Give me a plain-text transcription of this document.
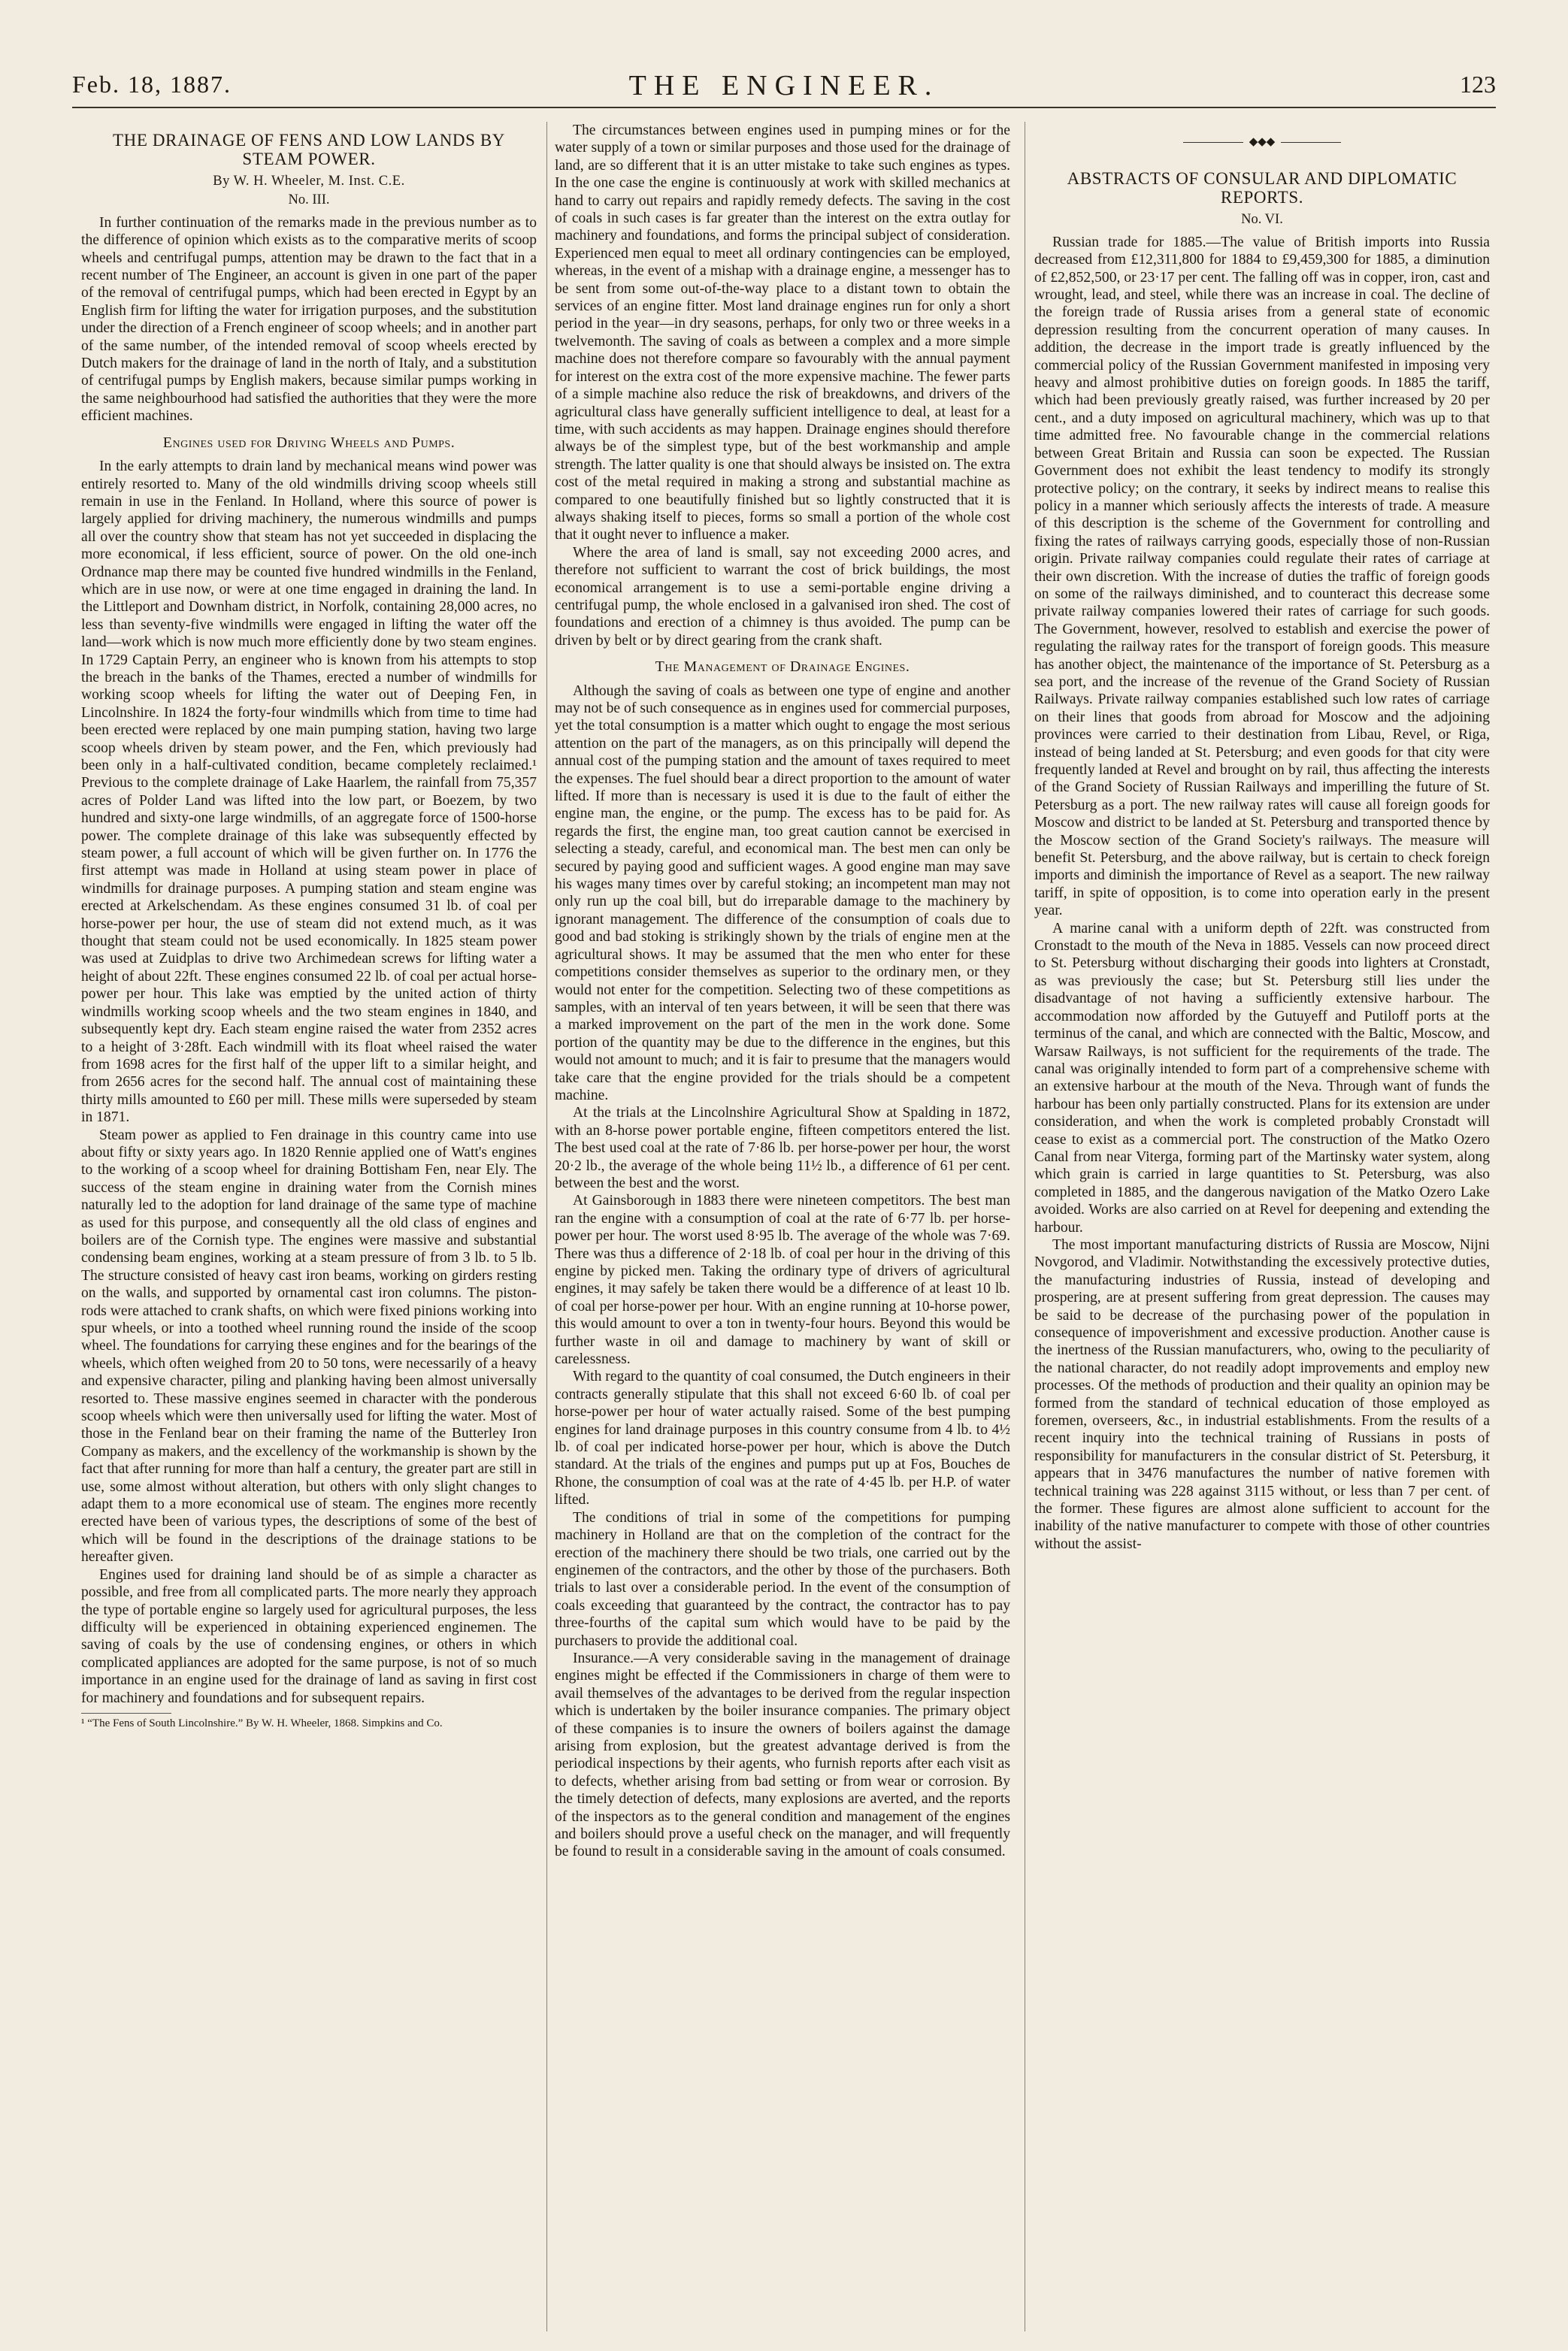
Feb. 18, 1887.	THE ENGINEER.	123
THE DRAINAGE OF FENS AND LOW LANDS BY STEAM POWER.
By W. H. Wheeler, M. Inst. C.E.
No. III.

In further continuation of the remarks made in the previous number as to the difference of opinion which exists as to the comparative merits of scoop wheels and centrifugal pumps, attention may be drawn to the fact that in a recent number of The Engineer, an account is given in one part of the paper of the removal of centrifugal pumps, which had been erected in Egypt by an English firm for lifting the water for irrigation purposes, and the substitution under the direction of a French engineer of scoop wheels; and in another part of the same number, of the intended removal of scoop wheels erected by Dutch makers for the drainage of land in the north of Italy, and a substitution of centrifugal pumps by English makers, because similar pumps working in the same neighbourhood had satisfied the authorities that they were the more efficient machines.

Engines used for Driving Wheels and Pumps.

In the early attempts to drain land by mechanical means wind power was entirely resorted to. Many of the old windmills driving scoop wheels still remain in use in the Fenland. In Holland, where this source of power is largely applied for driving machinery, the numerous windmills and pumps all over the country show that steam has not yet succeeded in displacing the more economical, if less efficient, source of power. On the old one-inch Ordnance map there may be counted five hundred windmills in the Fenland, which are in use now, or were at one time engaged in draining the land. In the Littleport and Downham district, in Norfolk, containing 28,000 acres, no less than seventy-five windmills were engaged in lifting the water off the land—work which is now much more efficiently done by two steam engines. In 1729 Captain Perry, an engineer who is known from his attempts to stop the breach in the banks of the Thames, erected a number of windmills for working scoop wheels for lifting the water out of Deeping Fen, in Lincolnshire. In 1824 the forty-four windmills which from time to time had been erected were replaced by one main pumping station, having two large scoop wheels driven by steam power, and the Fen, which previously had been only in a half-cultivated condition, became completely reclaimed.¹ Previous to the complete drainage of Lake Haarlem, the rainfall from 75,357 acres of Polder Land was lifted into the low part, or Boezem, by two hundred and sixty-one large windmills, of an aggregate force of 1500-horse power. The complete drainage of this lake was subsequently effected by steam power, a full account of which will be given further on. In 1776 the first attempt was made in Holland at using steam power in place of windmills for drainage purposes. A pumping station and steam engine was erected at Arkelschendam. As these engines consumed 31 lb. of coal per horse-power per hour, the use of steam did not extend much, as it was thought that steam could not be used economically. In 1825 steam power was used at Zuidplas to drive two Archimedean screws for lifting water a height of about 22ft. These engines consumed 22 lb. of coal per actual horse-power per hour. This lake was emptied by the united action of thirty windmills working scoop wheels and the two steam engines in 1840, and subsequently kept dry. Each steam engine raised the water from 2352 acres to a height of 3·28ft. Each windmill with its float wheel raised the water from 1698 acres for the first half of the upper lift to a similar height, and from 2656 acres for the second half. The annual cost of maintaining these thirty mills amounted to £60 per mill. These mills were superseded by steam in 1871.

Steam power as applied to Fen drainage in this country came into use about fifty or sixty years ago. In 1820 Rennie applied one of Watt's engines to the working of a scoop wheel for draining Bottisham Fen, near Ely. The success of the steam engine in draining water from the Cornish mines naturally led to the adoption for land drainage of the same type of machine as used for this purpose, and consequently all the old class of engines and boilers are of the Cornish type. The engines were massive and substantial condensing beam engines, working at a steam pressure of from 3 lb. to 5 lb. The structure consisted of heavy cast iron beams, working on girders resting on the walls, and supported by ornamental cast iron columns. The piston-rods were attached to crank shafts, on which were fixed pinions working into spur wheels, or into a toothed wheel running round the inside of the scoop wheel. The foundations for carrying these engines and for the bearings of the wheels, which often weighed from 20 to 50 tons, were necessarily of a heavy and expensive character, piling and planking having been almost universally resorted to. These massive engines seemed in character with the ponderous scoop wheels which were then universally used for lifting the water. Most of those in the Fenland bear on their framing the name of the Butterley Iron Company as makers, and the excellency of the workmanship is shown by the fact that after running for more than half a century, the greater part are still in use, some almost without alteration, but others with only slight changes to adapt them to a more economical use of steam. The engines more recently erected have been of various types, the descriptions of some of the best of which will be found in the descriptions of the drainage stations to be hereafter given.

Engines used for draining land should be of as simple a character as possible, and free from all complicated parts. The more nearly they approach the type of portable engine so largely used for agricultural purposes, the less difficulty will be experienced in obtaining experienced enginemen. The saving of coals by the use of condensing engines, or others in which complicated appliances are adopted for the same purpose, is not of so much importance in an engine used for the drainage of land as saving in first cost for machinery and foundations and for subsequent repairs.

¹ “The Fens of South Lincolnshire.” By W. H. Wheeler, 1868. Simpkins and Co.

The circumstances between engines used in pumping mines or for the water supply of a town or similar purposes and those used for the drainage of land, are so different that it is an utter mistake to take such engines as types. In the one case the engine is continuously at work with skilled mechanics at hand to carry out repairs and rapidly remedy defects. The saving in the cost of coals in such cases is far greater than the interest on the extra outlay for machinery and foundations, and forms the principal subject of consideration. Experienced men equal to meet all ordinary contingencies can be employed, whereas, in the event of a mishap with a drainage engine, a messenger has to be sent from some out-of-the-way place to a distant town to obtain the services of an engine fitter. Most land drainage engines run for only a short period in the year—in dry seasons, perhaps, for only two or three weeks in a twelvemonth. The saving of coals as between a complex and a more simple machine does not therefore compare so favourably with the annual payment for interest on the extra cost of the more expensive machine. The fewer parts of a simple machine also reduce the risk of breakdowns, and drivers of the agricultural class have generally sufficient intelligence to deal, at least for a time, with such accidents as may happen. Drainage engines should therefore always be of the simplest type, but of the best workmanship and ample strength. The latter quality is one that should always be insisted on. The extra cost of the metal required in making a strong and substantial machine as compared to one beautifully finished but so lightly constructed that it is always shaking itself to pieces, forms so small a portion of the whole cost that it ought never to influence a maker.

Where the area of land is small, say not exceeding 2000 acres, and therefore not sufficient to warrant the cost of brick buildings, the most economical arrangement is to use a semi-portable engine driving a centrifugal pump, the whole enclosed in a galvanised iron shed. The cost of foundations and erection of a chimney is thus avoided. The pump can be driven by belt or by direct gearing from the crank shaft.

The Management of Drainage Engines.

Although the saving of coals as between one type of engine and another may not be of such consequence as in engines used for commercial purposes, yet the total consumption is a matter which ought to engage the most serious attention on the part of the managers, as on this principally will depend the annual cost of the pumping station and the amount of taxes required to meet the expenses. The fuel should bear a direct proportion to the amount of water lifted. If more than is necessary is used it is due to the fault of either the engine man, the engine, or the pump. The excess has to be paid for. As regards the first, the engine man, too great caution cannot be exercised in selecting a steady, careful, and economical man. The best men can only be secured by paying good and sufficient wages. A good engine man may save his wages many times over by careful stoking; an incompetent man may not only run up the coal bill, but do irreparable damage to the machinery by ignorant management. The difference of the consumption of coals due to good and bad stoking is strikingly shown by the trials of engine men at the agricultural shows. It may be assumed that the men who enter for these competitions consider themselves as superior to the ordinary men, or they would not enter for the competition. Selecting two of these competitions as samples, with an interval of ten years between, it will be seen that there was a marked improvement on the part of the men in the work done. Some portion of the quantity may be due to the difference in the engines, but this would not amount to much; and it is fair to presume that the managers would take care that the engine provided for the trials should be a competent machine.

At the trials at the Lincolnshire Agricultural Show at Spalding in 1872, with an 8-horse power portable engine, fifteen competitors entered the list. The best used coal at the rate of 7·86 lb. per horse-power per hour, the worst 20·2 lb., the average of the whole being 11½ lb., a difference of 61 per cent. between the best and the worst.

At Gainsborough in 1883 there were nineteen competitors. The best man ran the engine with a consumption of coal at the rate of 6·77 lb. per horse-power per hour. The worst used 8·95 lb. The average of the whole was 7·69. There was thus a difference of 2·18 lb. of coal per hour in the driving of this engine by picked men. Taking the ordinary type of drivers of agricultural engines, it may safely be taken there would be a difference of at least 10 lb. of coal per horse-power per hour. With an engine running at 10-horse power, this would amount to over a ton in twenty-four hours. Beyond this would be further waste in oil and damage to machinery by want of skill or carelessness.

With regard to the quantity of coal consumed, the Dutch engineers in their contracts generally stipulate that this shall not exceed 6·60 lb. of coal per horse-power per hour of water actually raised. Some of the best pumping engines for land drainage purposes in this country consume from 4 lb. to 4½ lb. of coal per indicated horse-power per hour, which is above the Dutch standard. At the trials of the engines and pumps put up at Fos, Bouches de Rhone, the consumption of coal was at the rate of 4·45 lb. per H.P. of water lifted.

The conditions of trial in some of the competitions for pumping machinery in Holland are that on the completion of the contract for the erection of the machinery there should be two trials, one carried out by the enginemen of the contractors, and the other by those of the purchasers. Both trials to last over a considerable period. In the event of the consumption of coals exceeding that guaranteed by the contract, the contractor has to pay three-fourths of the capital sum which would have to be paid by the purchasers to provide the additional coal.

Insurance.—A very considerable saving in the management of drainage engines might be effected if the Commissioners in charge of them were to avail themselves of the advantages to be derived from the regular inspection which is undertaken by the boiler insurance companies. The primary object of these companies is to insure the owners of boilers against the damage arising from explosion, but the greatest advantage derived is from the periodical inspections by their agents, who furnish reports after each visit as to defects, whether arising from bad setting or from wear or corrosion. By the timely detection of defects, many explosions are averted, and the reports of the inspectors as to the general condition and management of the engines and boilers should prove a useful check on the manager, and will frequently be found to result in a considerable saving in the amount of coals consumed.

◆◆◆
ABSTRACTS OF CONSULAR AND DIPLOMATIC REPORTS.
No. VI.

Russian trade for 1885.—The value of British imports into Russia decreased from £12,311,800 for 1884 to £9,459,300 for 1885, a diminution of £2,852,500, or 23·17 per cent. The falling off was in copper, iron, cast and wrought, lead, and steel, while there was an increase in coal. The decline of the foreign trade of Russia arises from a general state of economic depression resulting from the concurrent operation of many causes. In addition, the decrease in the import trade is greatly influenced by the commercial policy of the Russian Government manifested in imposing very heavy and almost prohibitive duties on foreign goods. In 1885 the tariff, which had been previously greatly raised, was further increased by 20 per cent., and a duty imposed on agricultural machinery, which was up to that time admitted free. No favourable change in the commercial relations between Great Britain and Russia can soon be expected. The Russian Government does not exhibit the least tendency to modify its strongly protective policy; on the contrary, it seeks by indirect means to realise this policy in a manner which seriously affects the interests of trade. A measure of this description is the scheme of the Government for controlling and fixing the rates of railways carrying goods, especially those of non-Russian origin. Private railway companies could regulate their rates of carriage at their own discretion. With the increase of duties the traffic of foreign goods on some of the railways diminished, and to counteract this decrease some private railway companies lowered their rates of carriage for such goods. The Government, however, resolved to establish and exercise the power of regulating the railway rates for the transport of foreign goods. This measure has another object, the maintenance of the importance of St. Petersburg as a sea port, and the increase of the revenue of the Grand Society of Russian Railways. Private railway companies established such low rates of carriage on their lines that goods from abroad for Moscow and the adjoining provinces were carried to their destination from Libau, Revel, or Riga, instead of being landed at St. Petersburg; and even goods for that city were frequently landed at Revel and brought on by rail, thus affecting the interests of the Grand Society of Russian Railways and imperilling the future of St. Petersburg as a port. The new railway rates will cause all foreign goods for Moscow and district to be landed at St. Petersburg and transported thence by the Moscow section of the Grand Society's railways. The measure will benefit St. Petersburg, and the above railway, but is certain to check foreign imports and diminish the importance of Revel as a seaport. The new railway tariff, in spite of opposition, is to come into operation early in the present year.

A marine canal with a uniform depth of 22ft. was constructed from Cronstadt to the mouth of the Neva in 1885. Vessels can now proceed direct to St. Petersburg without discharging their goods into lighters at Cronstadt, as was previously the case; but St. Petersburg still lies under the disadvantage of not having a sufficiently extensive harbour. The accommodation now afforded by the Gutuyeff and Putiloff ports at the terminus of the canal, and which are connected with the Baltic, Moscow, and Warsaw Railways, is not sufficient for the requirements of the trade. The canal was originally intended to form part of a comprehensive scheme with an extensive harbour at the mouth of the Neva. Through want of funds the harbour has been only partially constructed. Plans for its extension are under consideration, and when the work is completed probably Cronstadt will cease to exist as a commercial port. The construction of the Matko Ozero Canal from near Viterga, forming part of the Martinsky water system, along which grain is carried in large quantities to St. Petersburg, was also completed in 1885, and the dangerous navigation of the Matko Ozero Lake avoided. Works are also carried on at Revel for deepening and extending the harbour.

The most important manufacturing districts of Russia are Moscow, Nijni Novgorod, and Vladimir. Notwithstanding the excessively protective duties, the manufacturing industries of Russia, instead of developing and prospering, are at present suffering from great depression. The causes may be said to be decrease of the purchasing power of the population in consequence of impoverishment and excessive production. Another cause is the inertness of the Russian manufacturers, who, owing to the peculiarity of the national character, do not readily adopt improvements and employ new processes. Of the methods of production and their quality an opinion may be formed from the standard of technical education of those employed as foremen, overseers, &c., in industrial establishments. From the results of a recent inquiry into the technical training of Russians in posts of responsibility for manufacturers in the consular district of St. Petersburg, it appears that in 3476 manufactures the number of native foremen with technical training was 228 against 3115 without, or less than 7 per cent. of the former. These figures are almost alone sufficient to account for the inability of the native manufacturer to compete with those of other countries without the assist-
